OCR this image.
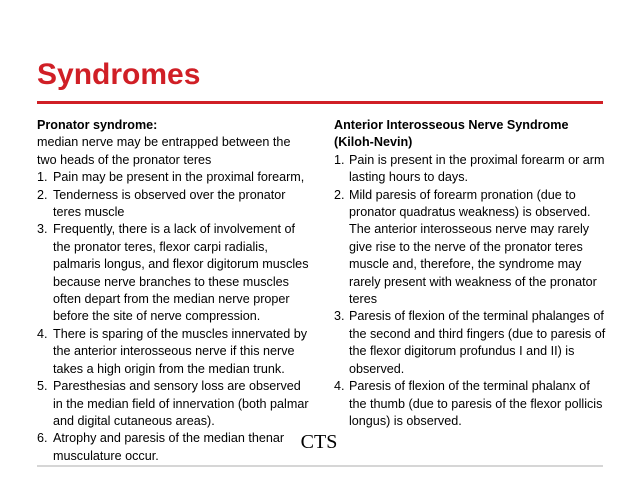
Syndromes
Pronator syndrome:
median nerve may be entrapped between the two heads of the pronator teres
1. Pain may be present in the proximal forearm,
2. Tenderness is observed over the pronator teres muscle
3. Frequently, there is a lack of involvement of the pronator teres, flexor carpi radialis, palmaris longus, and flexor digitorum muscles because nerve branches to these muscles often depart from the median nerve proper before the site of nerve compression.
4. There is sparing of the muscles innervated by the anterior interosseous nerve if this nerve takes a high origin from the median trunk.
5. Paresthesias and sensory loss are observed in the median field of innervation (both palmar and digital cutaneous areas).
6. Atrophy and paresis of the median thenar musculature occur.
Anterior Interosseous Nerve Syndrome (Kiloh-Nevin)
1. Pain is present in the proximal forearm or arm lasting hours to days.
2. Mild paresis of forearm pronation (due to pronator quadratus weakness) is observed. The anterior interosseous nerve may rarely give rise to the nerve of the pronator teres muscle and, therefore, the syndrome may rarely present with weakness of the pronator teres
3. Paresis of flexion of the terminal phalanges of the second and third fingers (due to paresis of the flexor digitorum profundus I and II) is observed.
4. Paresis of flexion of the terminal phalanx of the thumb (due to paresis of the flexor pollicis longus) is observed.
CTS
